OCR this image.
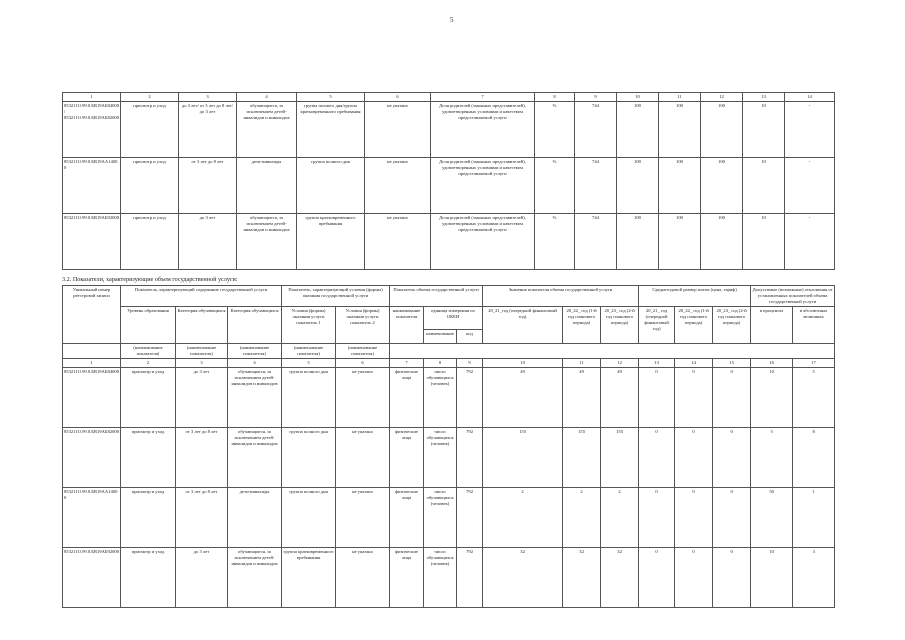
5
1	2	3	4	5	6	7	8	9	10	11	12	13	14
853211О.99.0.БВ19АБ84000/ 853211О.99.0.БВ19АБ82000	присмотр и уход	до 3 лет/ от 3 лет до 8 лет/ до 3 лет	обучающиеся, за исключением детей-инвалидов и инвалидов	группа полного дня/группа кратковременного пребывания	не указано	Доля родителей (законных представителей), удовлетворенных условиями и качеством предоставляемой услуги	%	744	100	100	100	10	-
853211О.99.0.БВ19АА14000	присмотр и уход	от 3 лет до 8 лет	дети-инвалиды	группа полного дня	не указано	Доля родителей (законных представителей), удовлетворенных условиями и качеством предоставляемой услуги	%	744	100	100	100	10	-
853211О.99.0.БВ19АБ92000	присмотр и уход	до 3 лет	обучающиеся, за исключением детей-инвалидов и инвалидов	группа кратковременного пребывания	не указано	Доля родителей (законных представителей), удовлетворенных условиями и качеством предоставляемой услуги	%	744	100	100	100	10	-
3.2. Показатели, характеризующие объем государственной услуги:
Уникальный номер реестровой записи	Показатель, характеризующий содержание государственной услуги			Показатель, характеризующий условия (формы) оказания государственной услуги		Показатель объема государственной услуги			Значение показателя объема государственной услуги			Среднегодовой размер платы (цена, тариф)			Допустимые (возможные) отклонения от установленных показателей объема государственной услуги	

	Уровень образования	Категория обучающихся	Категория обучающихся	Условия (формы) оказания услуги показатель 1	Условия (формы) оказания услуги показатель 2	наименование показателя	единица измерения по ОКЕИ		20_21_год (очередной финансовый год)	20_22_ год (1-й год планового периода)	20_23_ год (2-й год планового периода)	20_21_ год (очередной финансовый год)	20_22_ год (1-й год планового периода)	20_23_ год (2-й год планового периода)	в процентах	в абсолютных величинах
							наименование	код								
	(наименование показателя)	(наименование показателя)	(наименование показателя)	(наименование показателя)	(наименование показателя)											
1	2	3	4	5	6	7	8	9	10	11	12	13	14	15	16	17
853211О.99.0.БВ19АБ84000	присмотр и уход	до 3 лет	обучающиеся, за исключением детей-инвалидов и инвалидов	группа полного дня	не указано	физические лица	число обучающихся (человек)	792	49	49	49	0	0	0	10	5
853211О.99.0.БВ19АБ82000	присмотр и уход	от 3 лет до 8 лет	обучающиеся, за исключением детей-инвалидов и инвалидов	группа полного дня	не указано	физические лица	число обучающихся (человек)	792	155	155	155	0	0	0	5	8
853211О.99.0.БВ19АА14000	присмотр и уход	от 3 лет до 8 лет	дети-инвалиды	группа полного дня	не указано	физические лица	число обучающихся (человек)	792	2	2	2	0	0	0	50	1
853211О.99.0.БВ19АБ92000	присмотр и уход	до 3 лет	обучающиеся, за исключением детей-инвалидов и инвалидов	группа кратковременного пребывания	не указано	физические лица	число обучающихся (человек)	792	32	32	32	0	0	0	10	3
